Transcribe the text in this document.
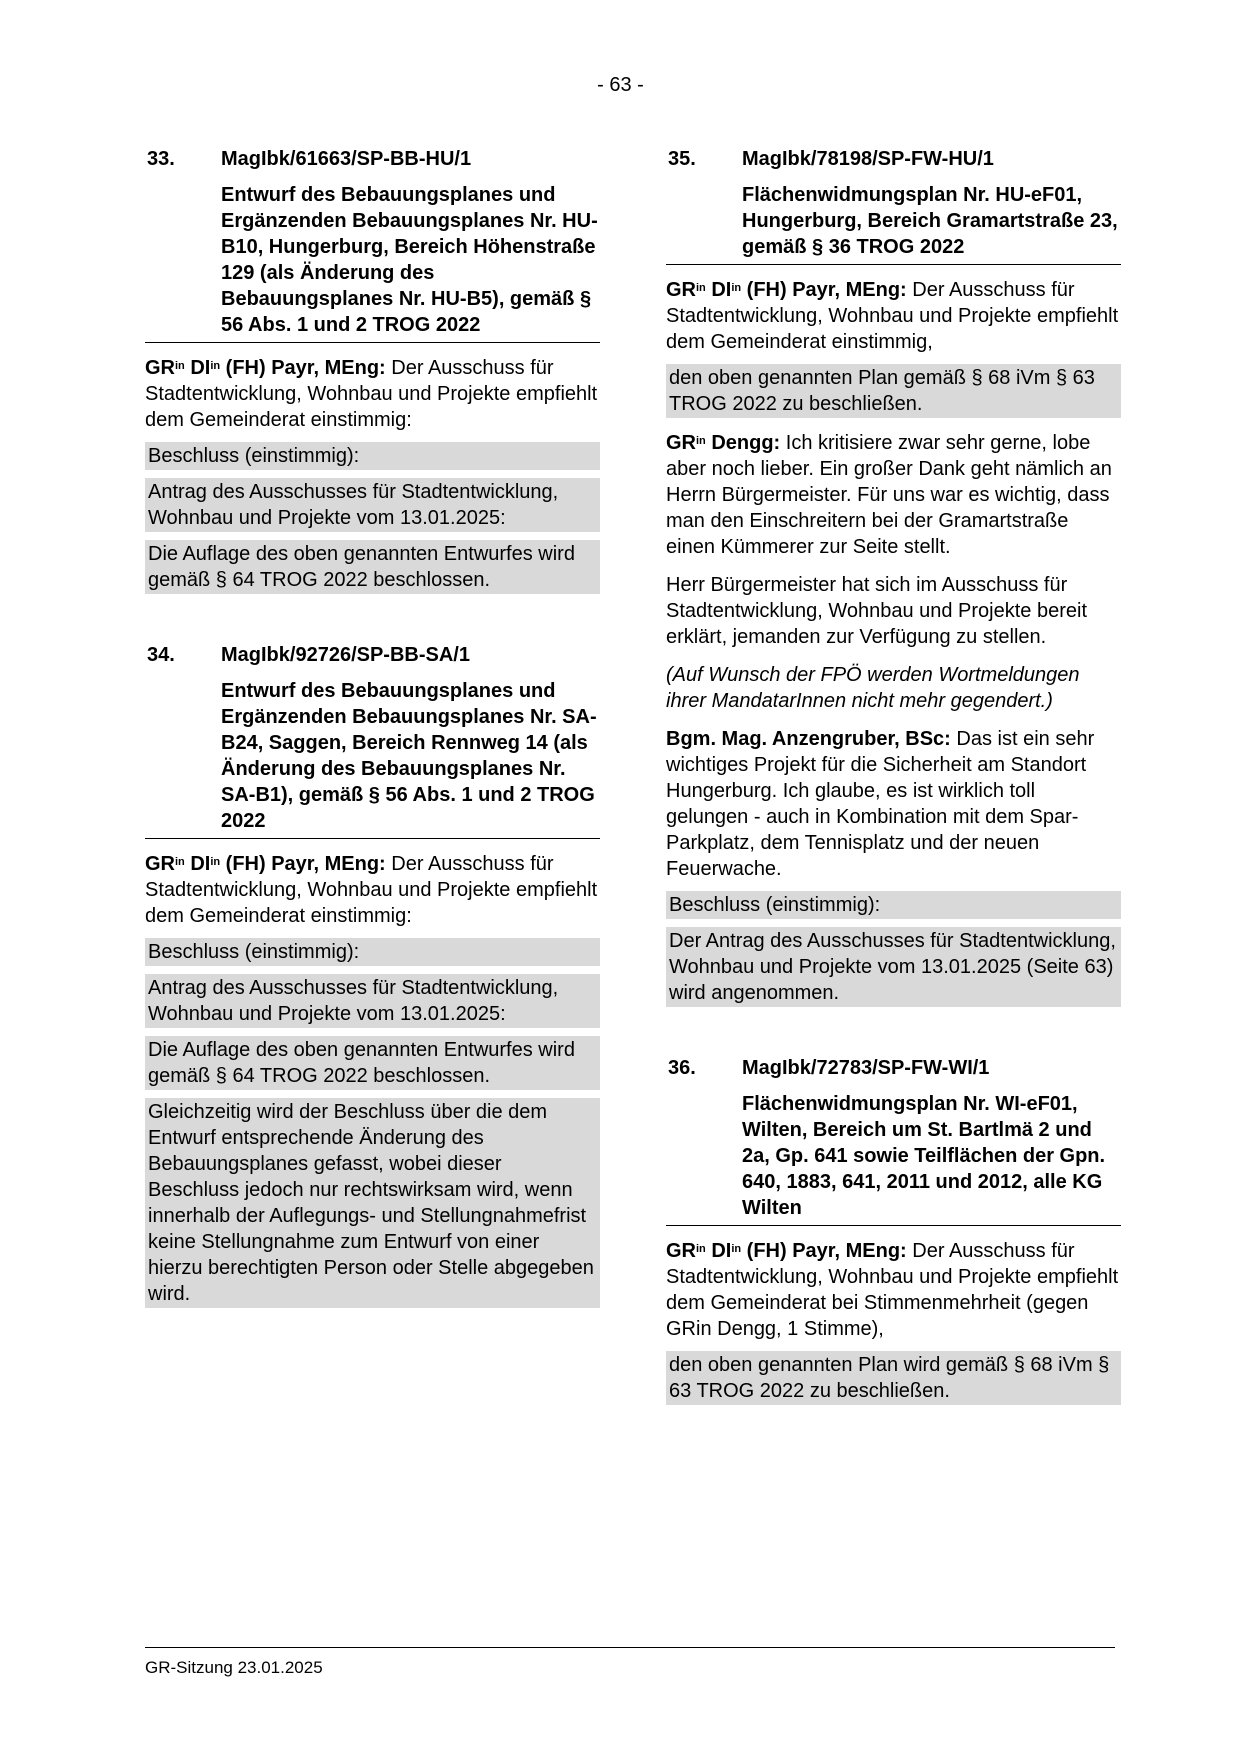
- 63 -
33.	MagIbk/61663/SP-BB-HU/1
Entwurf des Bebauungsplanes und Ergänzenden Bebauungsplanes Nr. HU-B10, Hungerburg, Bereich Höhenstraße 129 (als Änderung des Bebauungsplanes Nr. HU-B5), gemäß § 56 Abs. 1 und 2 TROG 2022
$GR^{in}$ $DI^{in}$ (FH) Payr, MEng: Der Ausschuss für Stadtentwicklung, Wohnbau und Projekte empfiehlt dem Gemeinderat einstimmig:
Beschluss (einstimmig):
Antrag des Ausschusses für Stadtentwicklung, Wohnbau und Projekte vom 13.01.2025:
Die Auflage des oben genannten Entwurfes wird gemäß § 64 TROG 2022 beschlossen.
34.	MagIbk/92726/SP-BB-SA/1
Entwurf des Bebauungsplanes und Ergänzenden Bebauungsplanes Nr. SA-B24, Saggen, Bereich Rennweg 14 (als Änderung des Bebauungsplanes Nr. SA-B1), gemäß § 56 Abs. 1 und 2 TROG 2022
$GR^{in}$ $DI^{in}$ (FH) Payr, MEng: Der Ausschuss für Stadtentwicklung, Wohnbau und Projekte empfiehlt dem Gemeinderat einstimmig:
Beschluss (einstimmig):
Antrag des Ausschusses für Stadtentwicklung, Wohnbau und Projekte vom 13.01.2025:
Die Auflage des oben genannten Entwurfes wird gemäß § 64 TROG 2022 beschlossen.
Gleichzeitig wird der Beschluss über die dem Entwurf entsprechende Änderung des Bebauungsplanes gefasst, wobei dieser Beschluss jedoch nur rechtswirksam wird, wenn innerhalb der Auflegungs- und Stellungnahmefrist keine Stellungnahme zum Entwurf von einer hierzu berechtigten Person oder Stelle abgegeben wird.
35.	MagIbk/78198/SP-FW-HU/1
Flächenwidmungsplan Nr. HU-eF01, Hungerburg, Bereich Gramartstraße 23, gemäß § 36 TROG 2022
$GR^{in}$ $DI^{in}$ (FH) Payr, MEng: Der Ausschuss für Stadtentwicklung, Wohnbau und Projekte empfiehlt dem Gemeinderat einstimmig,
den oben genannten Plan gemäß § 68 iVm § 63 TROG 2022 zu beschließen.
$GR^{in}$ Dengg: Ich kritisiere zwar sehr gerne, lobe aber noch lieber. Ein großer Dank geht nämlich an Herrn Bürgermeister. Für uns war es wichtig, dass man den Einschreitern bei der Gramartstraße einen Kümmerer zur Seite stellt.
Herr Bürgermeister hat sich im Ausschuss für Stadtentwicklung, Wohnbau und Projekte bereit erklärt, jemanden zur Verfügung zu stellen.
(Auf Wunsch der FPÖ werden Wortmeldungen ihrer MandatarInnen nicht mehr gegendert.)
Bgm. Mag. Anzengruber, BSc: Das ist ein sehr wichtiges Projekt für die Sicherheit am Standort Hungerburg. Ich glaube, es ist wirklich toll gelungen - auch in Kombination mit dem Spar-Parkplatz, dem Tennisplatz und der neuen Feuerwache.
Beschluss (einstimmig):
Der Antrag des Ausschusses für Stadtentwicklung, Wohnbau und Projekte vom 13.01.2025 (Seite 63) wird angenommen.
36.	MagIbk/72783/SP-FW-WI/1
Flächenwidmungsplan Nr. WI-eF01, Wilten, Bereich um St. Bartlmä 2 und 2a, Gp. 641 sowie Teilflächen der Gpn. 640, 1883, 641, 2011 und 2012, alle KG Wilten
$GR^{in}$ $DI^{in}$ (FH) Payr, MEng: Der Ausschuss für Stadtentwicklung, Wohnbau und Projekte empfiehlt dem Gemeinderat bei Stimmenmehrheit (gegen GRin Dengg, 1 Stimme),
den oben genannten Plan wird gemäß § 68 iVm § 63 TROG 2022 zu beschließen.
GR-Sitzung 23.01.2025
